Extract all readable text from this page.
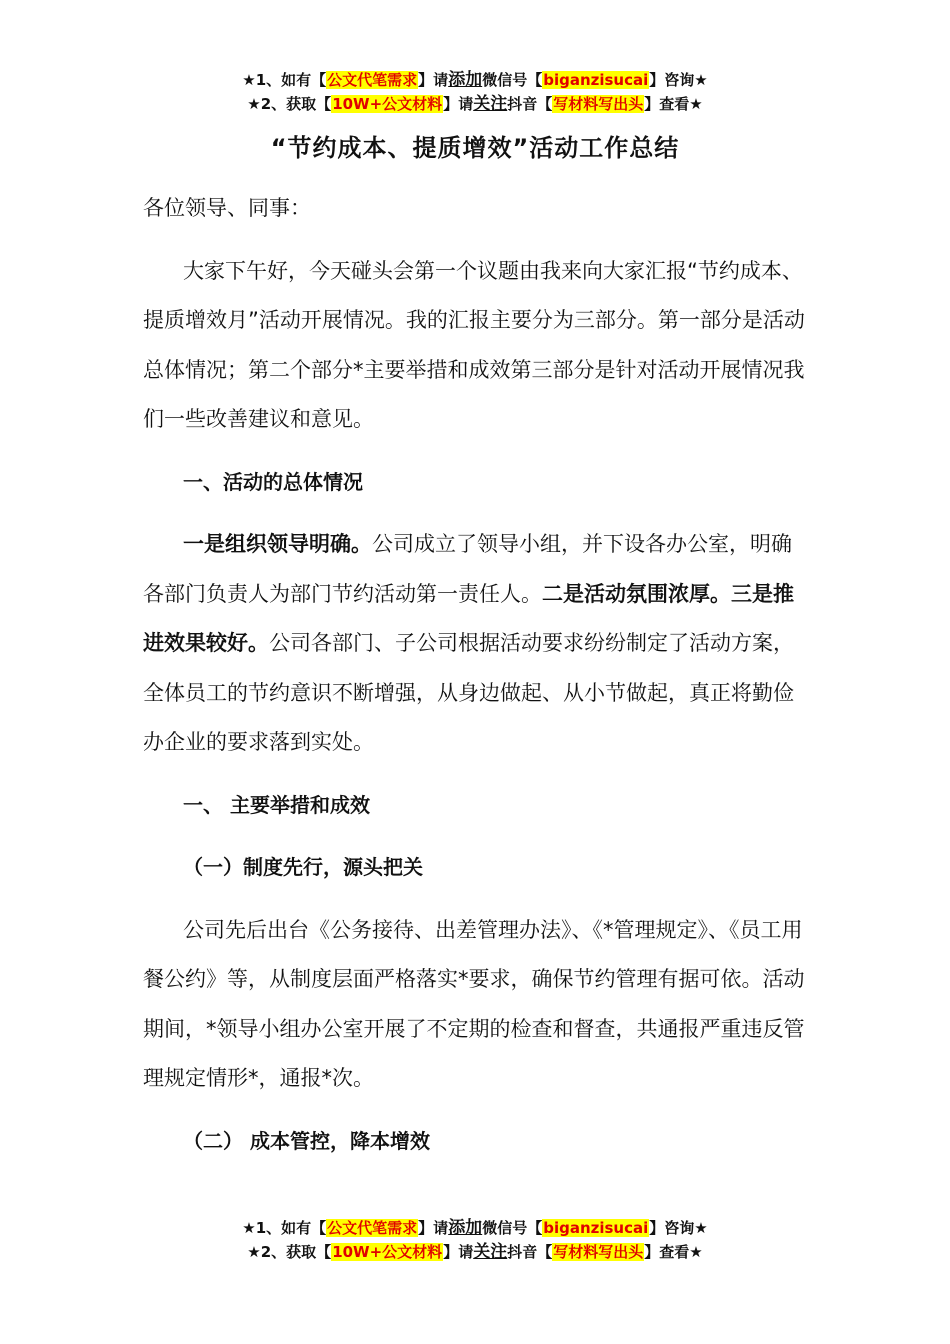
★1、如有【公文代笔需求】请添加微信号【biganzisucai】咨询★
★2、获取【10W+公文材料】请关注抖音【写材料写出头】查看★
“节约成本、提质增效”活动工作总结

各位领导、同事：

大家下午好，今天碰头会第一个议题由我来向大家汇报“节约成本、提质增效月”活动开展情况。我的汇报主要分为三部分。第一部分是活动总体情况；第二个部分*主要举措和成效第三部分是针对活动开展情况我们一些改善建议和意见。

一、活动的总体情况

一是组织领导明确。公司成立了领导小组，并下设各办公室，明确各部门负责人为部门节约活动第一责任人。二是活动氛围浓厚。三是推进效果较好。公司各部门、子公司根据活动要求纷纷制定了活动方案，全体员工的节约意识不断增强，从身边做起、从小节做起，真正将勤俭办企业的要求落到实处。

一、 主要举措和成效

（一）制度先行，源头把关

公司先后出台《公务接待、出差管理办法》、《*管理规定》、《员工用餐公约》等，从制度层面严格落实*要求，确保节约管理有据可依。活动期间，*领导小组办公室开展了不定期的检查和督查，共通报严重违反管理规定情形*，通报*次。

（二） 成本管控，降本增效

★1、如有【公文代笔需求】请添加微信号【biganzisucai】咨询★
★2、获取【10W+公文材料】请关注抖音【写材料写出头】查看★
